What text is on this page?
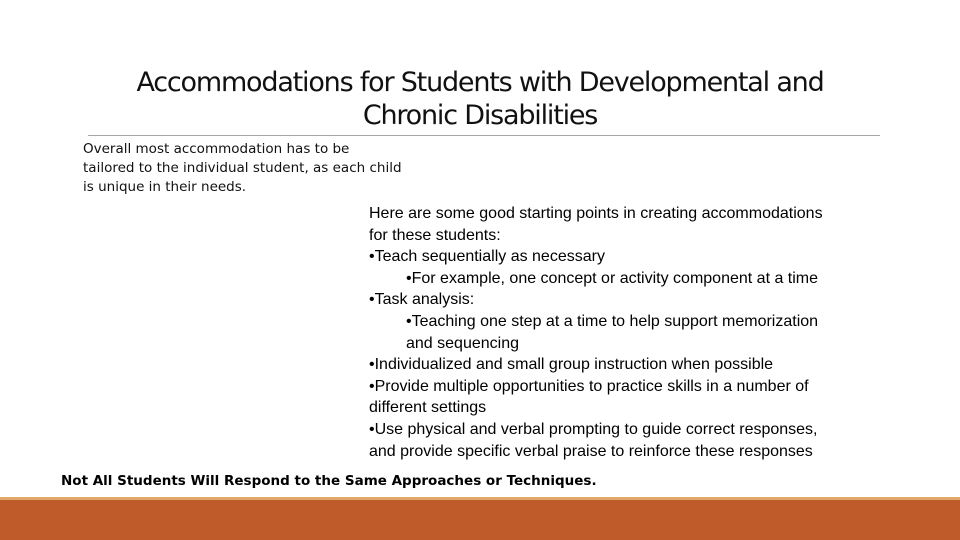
Accommodations for Students with Developmental and
Chronic Disabilities
Overall most accommodation has to be
tailored to the individual student, as each child
is unique in their needs.
Here are some good starting points in creating accommodations
for these students:
•Teach sequentially as necessary
•For example, one concept or activity component at a time
•Task analysis:
•Teaching one step at a time to help support memorization
and sequencing
•Individualized and small group instruction when possible
•Provide multiple opportunities to practice skills in a number of
different settings
•Use physical and verbal prompting to guide correct responses,
and provide specific verbal praise to reinforce these responses
Not All Students Will Respond to the Same Approaches or Techniques.
